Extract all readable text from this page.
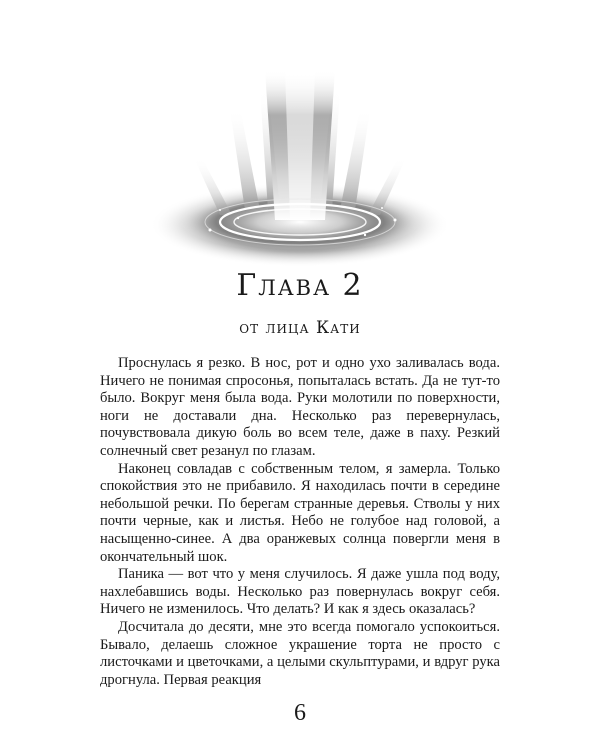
Глава 2
от лица Кати

Проснулась я резко. В нос, рот и одно ухо заливалась вода. Ничего не понимая спросонья, попыталась встать. Да не тут-то было. Вокруг меня была вода. Руки молотили по поверхности, ноги не доставали дна. Несколько раз перевернулась, почувствовала дикую боль во всем теле, даже в паху. Резкий солнечный свет резанул по глазам.

Наконец совладав с собственным телом, я замерла. Только спокойствия это не прибавило. Я находилась почти в середине небольшой речки. По берегам странные деревья. Стволы у них почти черные, как и листья. Небо не голубое над головой, а насыщенно-синее. А два оранжевых солнца повергли меня в окончательный шок.

Паника — вот что у меня случилось. Я даже ушла под воду, нахлебавшись воды. Несколько раз повернулась вокруг себя. Ничего не изменилось. Что делать? И как я здесь оказалась?

Досчитала до десяти, мне это всегда помогало успокоиться. Бывало, делаешь сложное украшение торта не просто с листочками и цветочками, а целыми скульптурами, и вдруг рука дрогнула. Первая реакция

6
